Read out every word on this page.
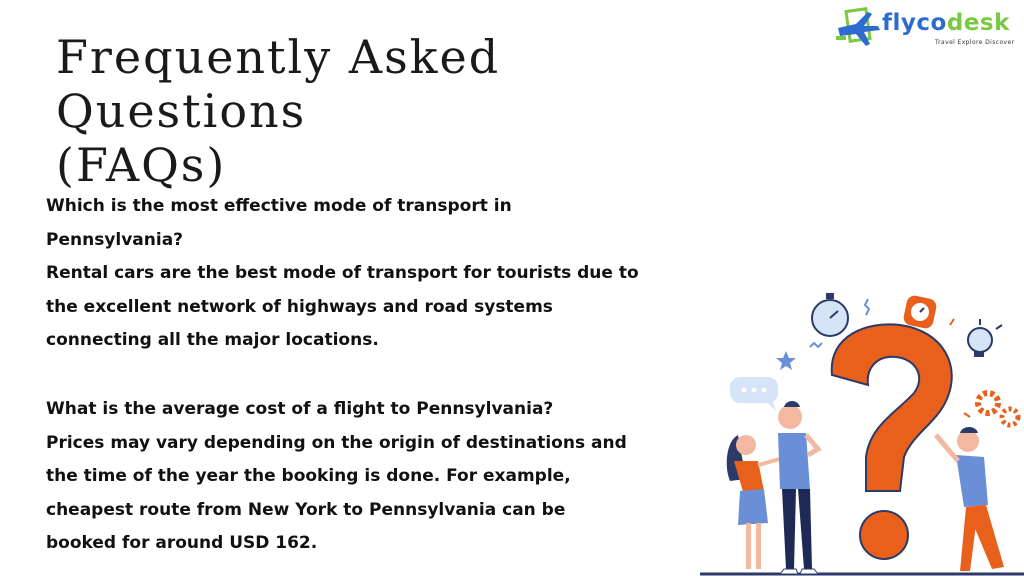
Frequently Asked Questions
(FAQs)
flycodesk
Travel Explore Discover

Which is the most effective mode of transport in
Pennsylvania?

Rental cars are the best mode of transport for tourists due to
the excellent network of highways and road systems
connecting all the major locations.

What is the average cost of a flight to Pennsylvania?

Prices may vary depending on the origin of destinations and
the time of the year the booking is done. For example,
cheapest route from New York to Pennsylvania can be
booked for around USD 162.
